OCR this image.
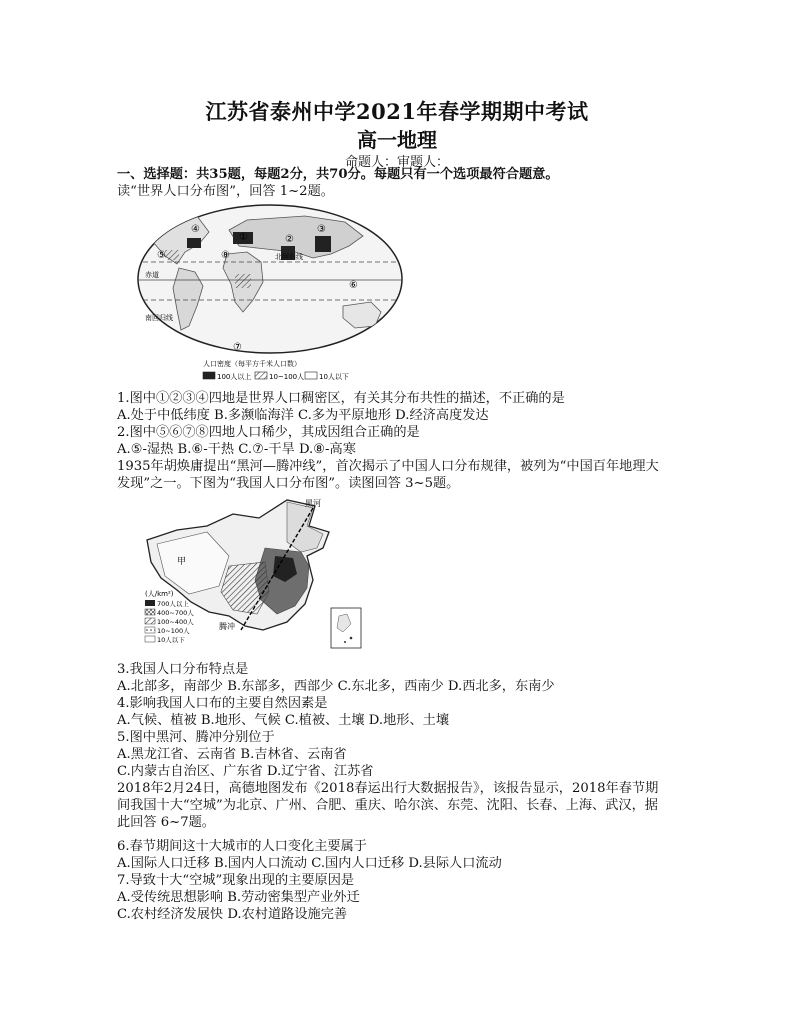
江苏省泰州中学2021年春学期期中考试
高一地理
命题人：审题人：
一、选择题：共35题，每题2分，共70分。每题只有一个选项最符合题意。
读“世界人口分布图”，回答 1~2题。
①	②
③
④
⑤
⑥
⑦
⑧	北回归线
赤道
南回归线
人口密度（每平方千米人口数）
100人以上	10~100人 10人以下
1.图中①②③④四地是世界人口稠密区，有关其分布共性的描述，不正确的是
A.处于中低纬度 B.多濒临海洋 C.多为平原地形 D.经济高度发达
2.图中⑤⑥⑦⑧四地人口稀少，其成因组合正确的是
A.⑤-湿热 B.⑥-干热 C.⑦-干旱 D.⑧-高寒
1935年胡焕庸提出“黑河—腾冲线”，首次揭示了中国人口分布规律，被列为“中国百年地理大
发现”之一。下图为“我国人口分布图”。读图回答 3~5题。
黑河
腾冲
甲
(人/km²)
700人以上
400~700人
100~400人
10~100人
10人以下
3.我国人口分布特点是
A.北部多，南部少 B.东部多，西部少 C.东北多，西南少 D.西北多，东南少
4.影响我国人口布的主要自然因素是
A.气候、植被 B.地形、气候 C.植被、土壤 D.地形、土壤
5.图中黑河、腾冲分别位于
A.黑龙江省、云南省 B.吉林省、云南省
C.内蒙古自治区、广东省 D.辽宁省、江苏省
2018年2月24日，高德地图发布《2018春运出行大数据报告》，该报告显示，2018年春节期
间我国十大“空城”为北京、广州、合肥、重庆、哈尔滨、东莞、沈阳、长春、上海、武汉，据
此回答 6~7题。
6.春节期间这十大城市的人口变化主要属于
A.国际人口迁移 B.国内人口流动 C.国内人口迁移 D.县际人口流动
7.导致十大“空城”现象出现的主要原因是
A.受传统思想影响 B.劳动密集型产业外迁
C.农村经济发展快 D.农村道路设施完善
